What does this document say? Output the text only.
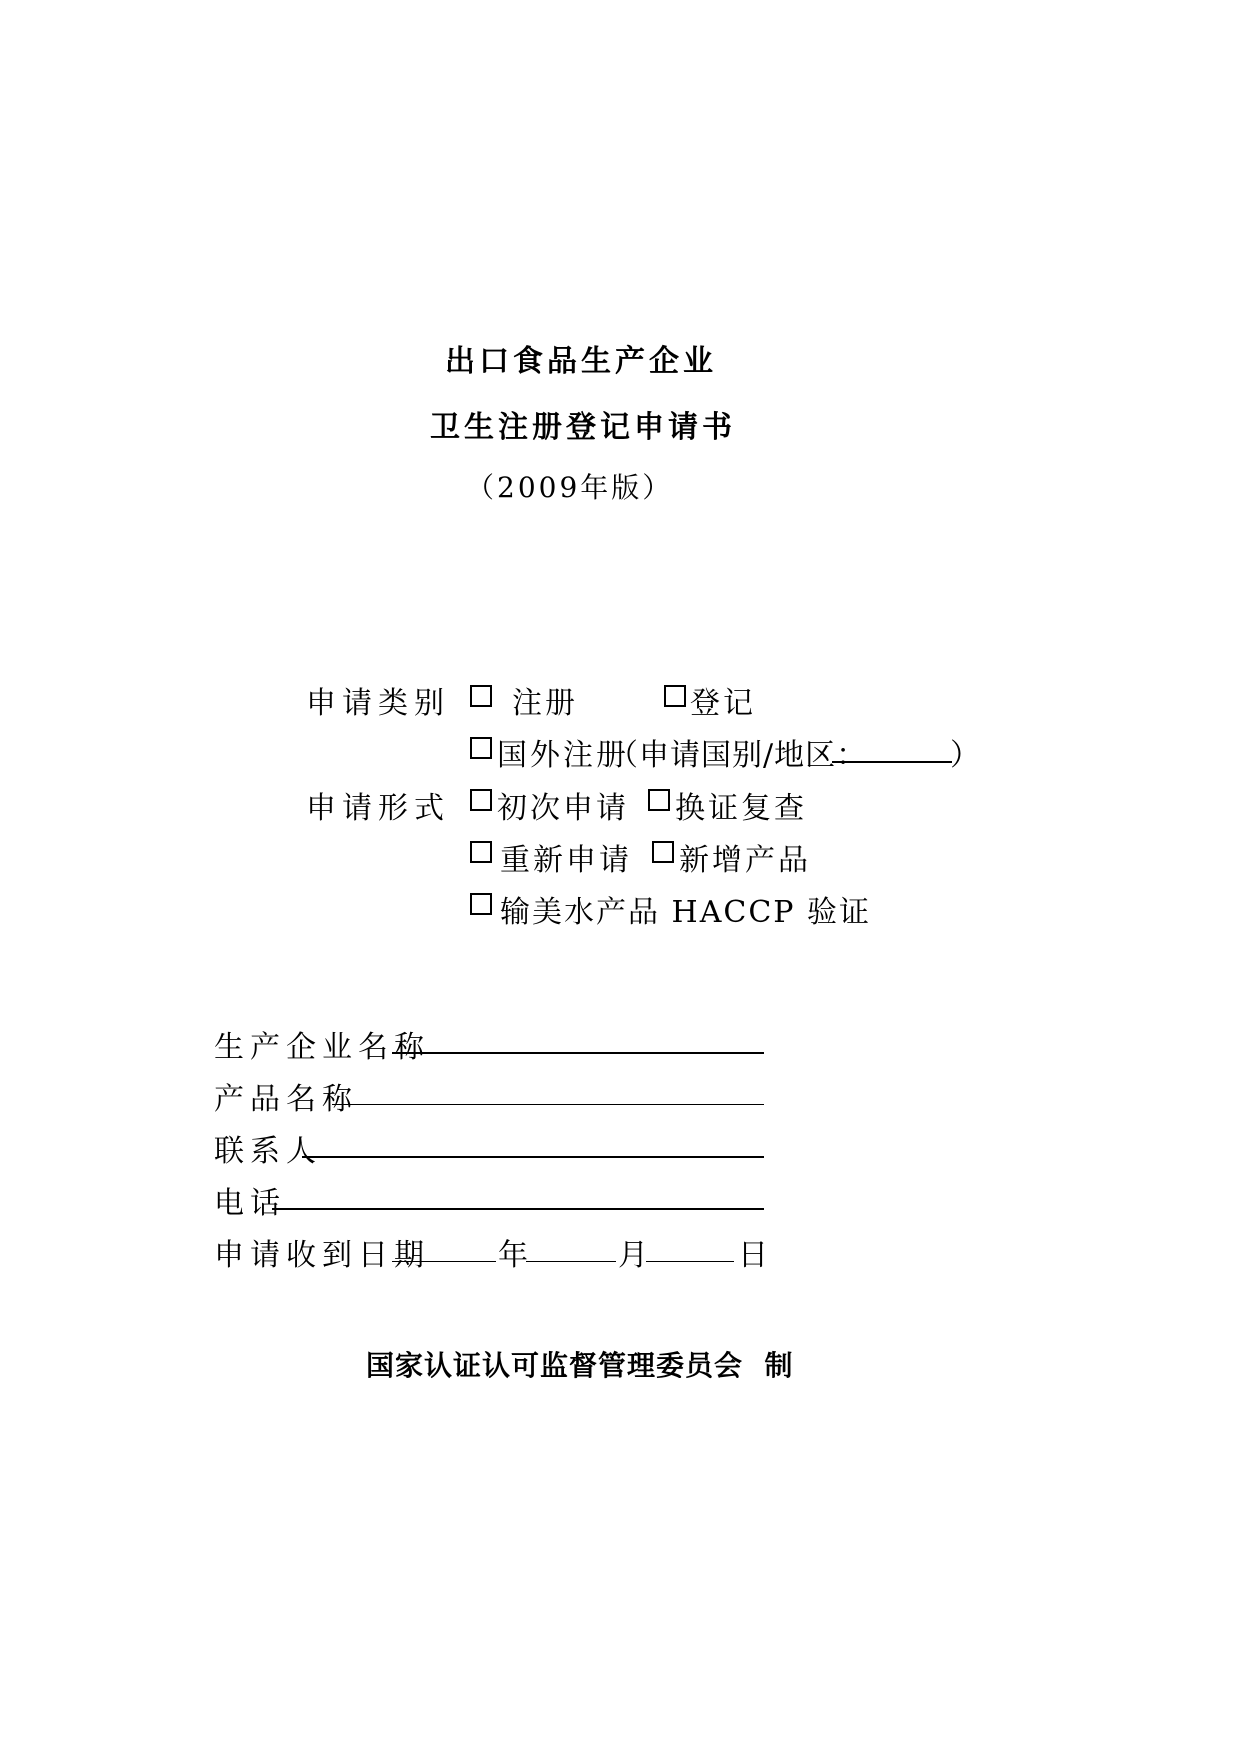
出口食品生产企业
卫生注册登记申请书
（2009年版）
申请类别 注册	登记
国外注册
（申请国别/地区：	）
申请形式 初次申请 换证复查
重新申请 新增产品
输美水产品 HACCP 验证
生产企业名称
产品名称
联系人
电话
申请收到日期 年	月	日
国家认证认可监督管理委员会  制
